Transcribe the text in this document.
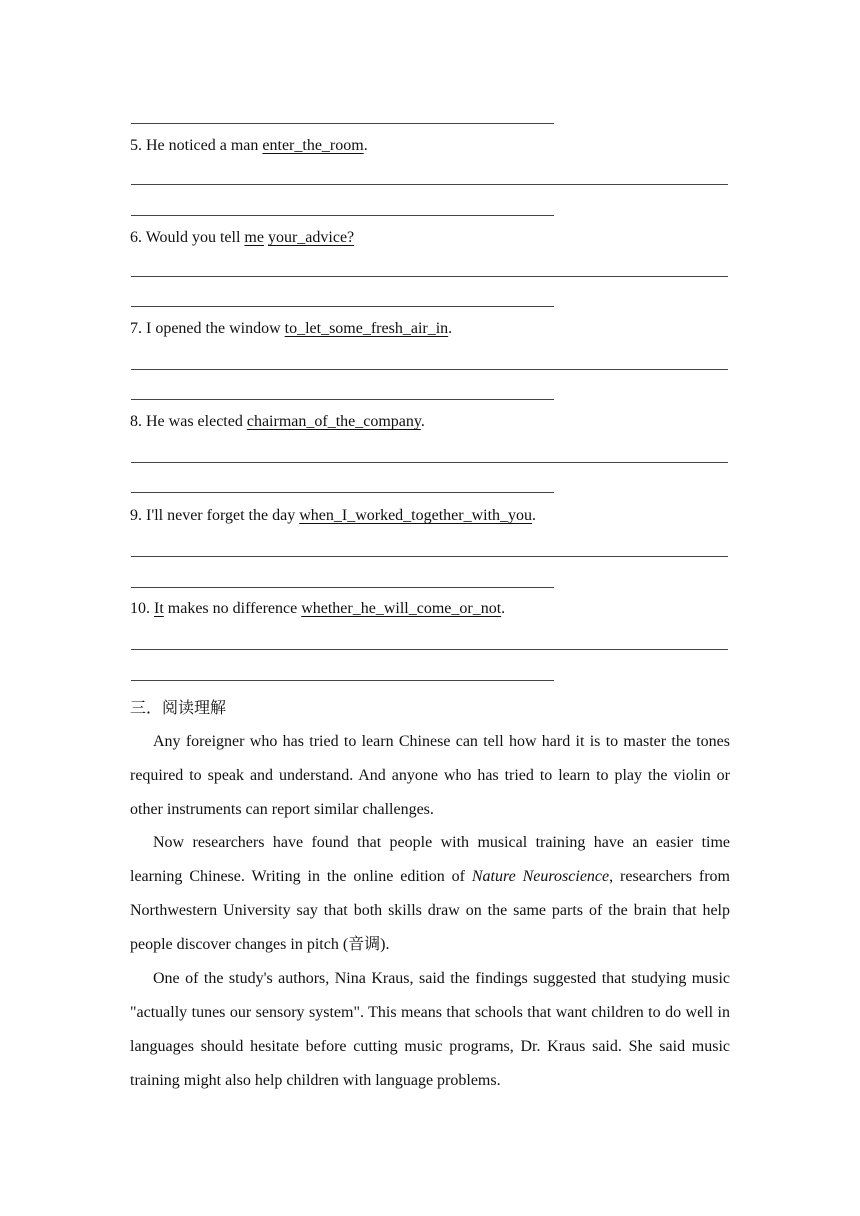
5. He noticed a man enter_the_room.
6. Would you tell me your_advice?
7. I opened the window to_let_some_fresh_air_in.
8. He was elected chairman_of_the_company.
9. I'll never forget the day when_I_worked_together_with_you.
10. It makes no difference whether_he_will_come_or_not.
三．阅读理解

Any foreigner who has tried to learn Chinese can tell how hard it is to master the tones required to speak and understand. And anyone who has tried to learn to play the violin or other instruments can report similar challenges.

Now researchers have found that people with musical training have an easier time learning Chinese. Writing in the online edition of Nature Neuroscience, researchers from Northwestern University say that both skills draw on the same parts of the brain that help people discover changes in pitch (音调).

One of the study's authors, Nina Kraus, said the findings suggested that studying music "actually tunes our sensory system". This means that schools that want children to do well in languages should hesitate before cutting music programs, Dr. Kraus said. She said music training might also help children with language problems.
